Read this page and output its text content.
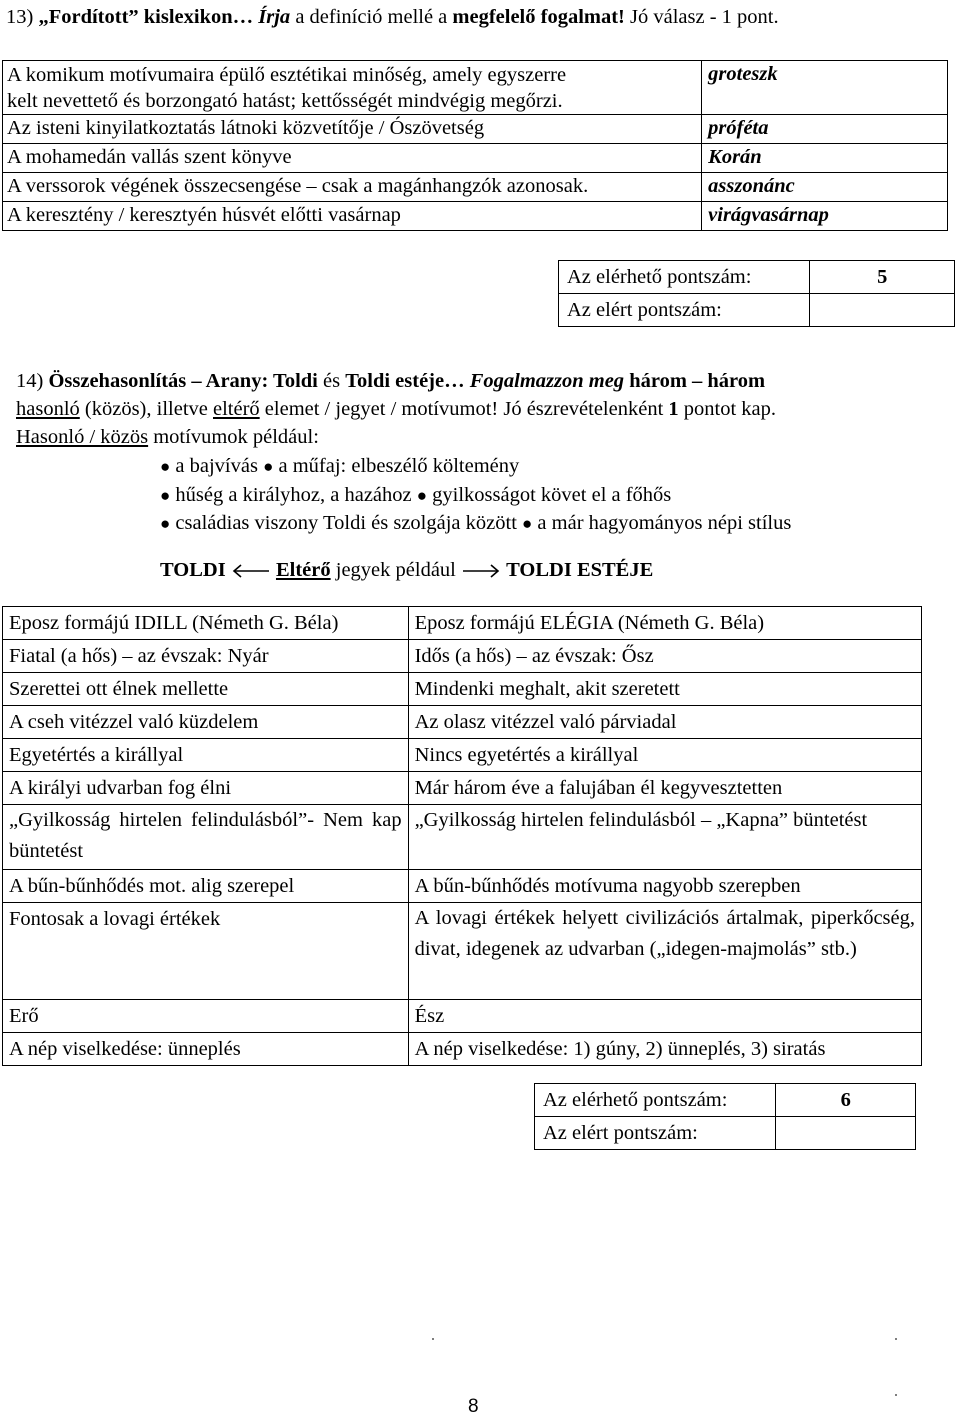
13) „Fordított” kislexikon… Írja a definíció mellé a megfelelő fogalmat! Jó válasz - 1 pont.
A komikum motívumaira épülő esztétikai minőség, amely egyszerre
kelt nevettető és borzongató hatást; kettősségét mindvégig megőrzi.	groteszk
Az isteni kinyilatkoztatás látnoki közvetítője / Ószövetség	próféta
A mohamedán vallás szent könyve	Korán
A verssorok végének összecsengése – csak a magánhangzók azonosak.	asszonánc
A keresztény / keresztyén húsvét előtti vasárnap	virágvasárnap
Az elérhető pontszám:	5
Az elért pontszám:	
14) Összehasonlítás – Arany: Toldi és Toldi estéje… Fogalmazzon meg három – három
hasonló (közös), illetve eltérő elemet / jegyet / motívumot! Jó észrevételenként 1 pontot kap.
Hasonló / közös motívumok például:
● a bajvívás ● a műfaj: elbeszélő költemény
● hűség a királyhoz, a hazához ● gyilkosságot követ el a főhős
● családias viszony Toldi és szolgája között ● a már hagyományos népi stílus
TOLDI Eltérő jegyek például TOLDI ESTÉJE
Eposz formájú IDILL (Németh G. Béla)	Eposz formájú ELÉGIA (Németh G. Béla)
Fiatal (a hős) – az évszak: Nyár	Idős (a hős) – az évszak: Ősz
Szerettei ott élnek mellette	Mindenki meghalt, akit szeretett
A cseh vitézzel való küzdelem	Az olasz vitézzel való párviadal
Egyetértés a királlyal	Nincs egyetértés a királlyal
A királyi udvarban fog élni	Már három éve a falujában él kegyvesztetten
„Gyilkosság hirtelen felindulásból”- Nem kap büntetést	„Gyilkosság hirtelen felindulásból – „Kapna” büntetést
A bűn-bűnhődés mot. alig szerepel	A bűn-bűnhődés motívuma nagyobb szerepben
Fontosak a lovagi értékek	A lovagi értékek helyett civilizációs ártalmak, piperkőcség, divat, idegenek az udvarban („idegen-majmolás” stb.)
Erő	Ész
A nép viselkedése: ünneplés	A nép viselkedése: 1) gúny, 2) ünneplés, 3) siratás
Az elérhető pontszám:	6
Az elért pontszám:	
8
